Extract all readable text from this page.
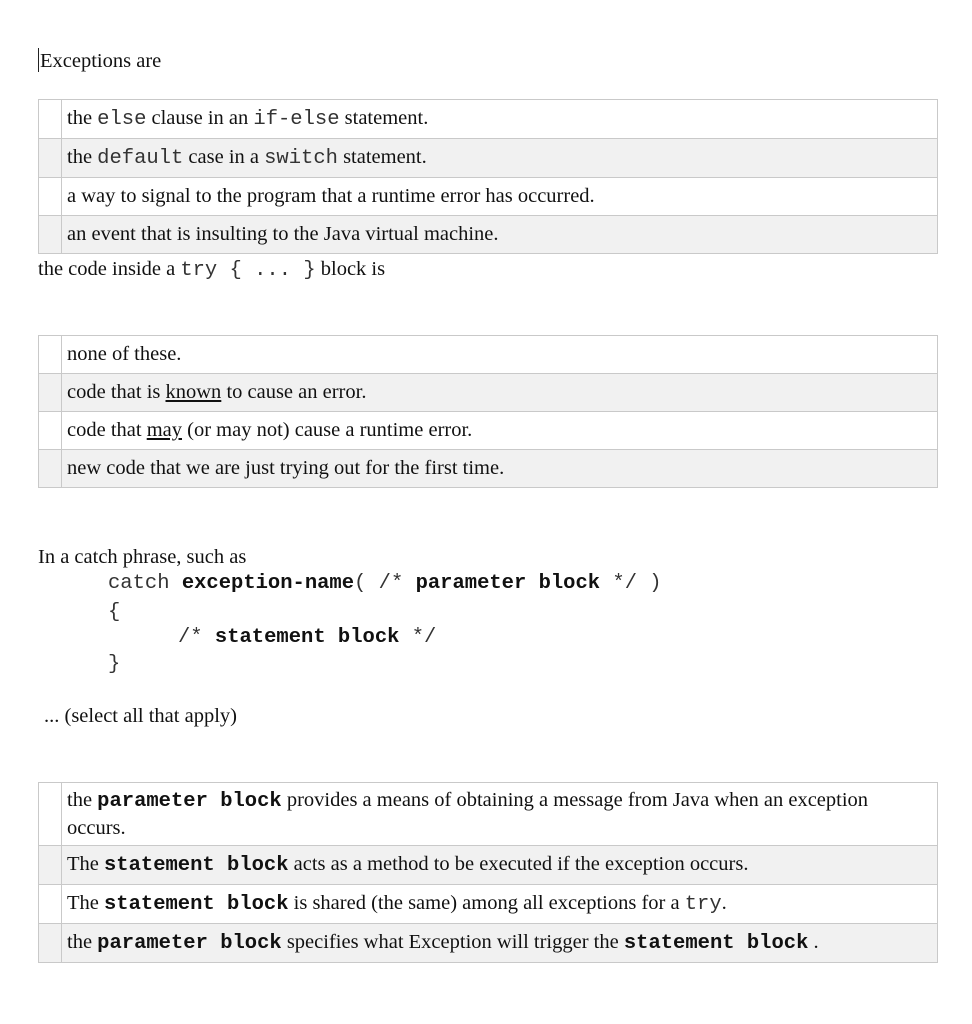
Exceptions are
	the else clause in an if-else statement.
	the default case in a switch statement.
	a way to signal to the program that a runtime error has occurred.
	an event that is insulting to the Java virtual machine.
the code inside a try { ... } block is
	none of these.
	code that is known to cause an error.
	code that may (or may not) cause a runtime error.
	new code that we are just trying out for the first time.
In a catch phrase, such as
catch exception-name( /* parameter block */ )
{
/* statement block */
}
... (select all that apply)
	the parameter block provides a means of obtaining a message from Java when an exception occurs.
	The statement block acts as a method to be executed if the exception occurs.
	The statement block is shared (the same) among all exceptions for a try.
	the parameter block specifies what Exception will trigger the statement block .
